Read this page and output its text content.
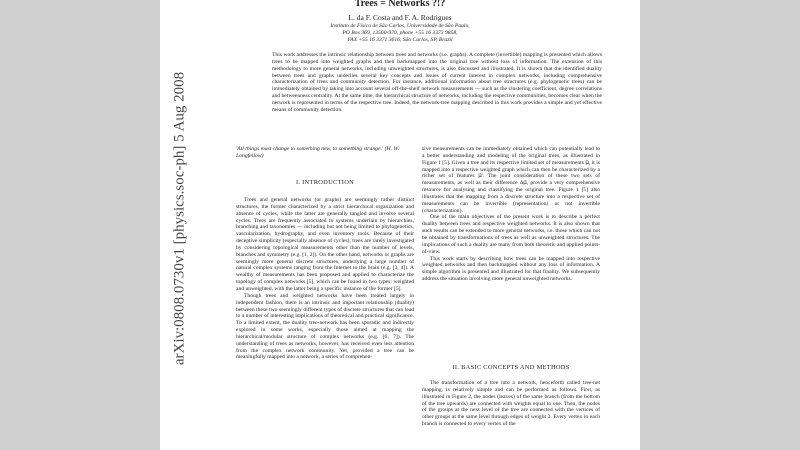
arXiv:0808.0730v1 [physics.soc-ph] 5 Aug 2008
Trees = Networks ?!?
L. da F. Costa and F. A. Rodrigues
Instituto de Física de São Carlos, Universidade de São Paulo,
PO Box 369, 13560-970, phone +55 16 3373 9858,
FAX +55 16 3371 3616, São Carlos, SP, Brazil

This work addresses the intrinsic relationship between trees and networks (i.e. graphs). A complete (invertible) mapping is presented which allows trees to be mapped into weighted graphs and then backmapped into the original tree without loss of information. The extension of this methodology to more general networks, including unweighted structures, is also discussed and illustrated. It is shown that the identified duality between trees and graphs underlies several key concepts and issues of current interest in complex networks, including comprehensive characterization of trees and community detection. For instance, additional information about tree structures (e.g. phylogenetic trees) can be immediately obtained by taking into account several off-the-shelf network measurements — such as the clustering coefficient, degree correlations and betweenness centrality. At the same time, the hierarchical structure of networks, including the respective communities, becomes clear when the network is represented in terms of the respective tree. Indeed, the network-tree mapping described in this work provides a simple and yet effective means of community detection.

'All things must change to something new, to something strange.' (H. W. Longfellow)

I. INTRODUCTION

Trees and general networks (or graphs) are seemingly rather distinct structures, the former characterized by a strict hierarchical organization and absence of cycles, while the latter are generally tangled and involve several cycles. Trees are frequently associated to systems underlain by hierarchies, branching and taxonomies — including but not being limited to phylogenetics, vascularization, hydrography, and even inventory tools. Because of their deceptive simplicity (especially absence of cycles), trees are rarely investigated by considering topological measurements other than the number of levels, branches and symmetry (e.g. [1, 2]). On the other hand, networks or graphs are seemingly more general discrete structures, underlying a large number of natural complex systems ranging from the Internet to the brain (e.g. [3, 4]). A wealthy of measurements has been proposed and applied to characterize the topology of complex networks [5], which can be found in two types: weighted and unweighted, with the latter being a specific instance of the former [5].

Though trees and weighted networks have been treated largely in independent fashion, there is an intrinsic and important relationship (duality) between these two seemingly different types of discrete structures that can lead to a number of interesting implications of theoretical and practical significance. To a limited extent, the duality tree-network has been sporadic and indirectly explored in some works, especially those aimed at mapping the hierarchical/modular structure of complex networks (e.g. [6, 7]). The understanding of trees as networks, however, has received even less attention from the complex network community. Yet, provided a tree can be meaningfully mapped into a network, a series of comprehen-

sive measurements can be immediately obtained which can potentially lead to a better understanding and modeling of the original trees, as illustrated in Figure 1 [5]. Given a tree and its respective limited set of measurements μ⃗, it is mapped into a respective weighted graph which can then be characterized by a richer set of features μ⃗'. The joint consideration of these two sets of measurements, as well as their difference Δμ⃗, provide a very comprehensive resource for analysing and classifying the original tree. Figure 1 [5] also illustrates that the mapping from a discrete structure into a respective set of measurements can be invertible (representation) or not invertible (characterization).

One of the main objectives of the present work is to describe a perfect duality between trees and respective weighted networks. It is also shown that such results can be extended to more general networks, i.e. those which can not be obtained by transformations of trees as well as unweighted structures. The implications of such a duality are many from both theoretic and applied points-of-view.

This work starts by describing how trees can be mapped into respective weighted networks and then backmapped without any loss of information. A simple algorithm is presented and illustrated for that finality. We subsequently address the situation involving more general unweighted networks.

II. BASIC CONCEPTS AND METHODS

The transformation of a tree into a network, henceforth called tree-net mapping, is relatively simple and can be performed as follows. First, as illustrated in Figure 2, the nodes (leaves) of the same branch (from the bottom of the tree upwards) are connected with weights equal to one. Then, the nodes of the groups at the next level of the tree are connected with the vertices of other groups at the same level through edges of weight 2. Every vertex in each branch is connected to every vertex of the
